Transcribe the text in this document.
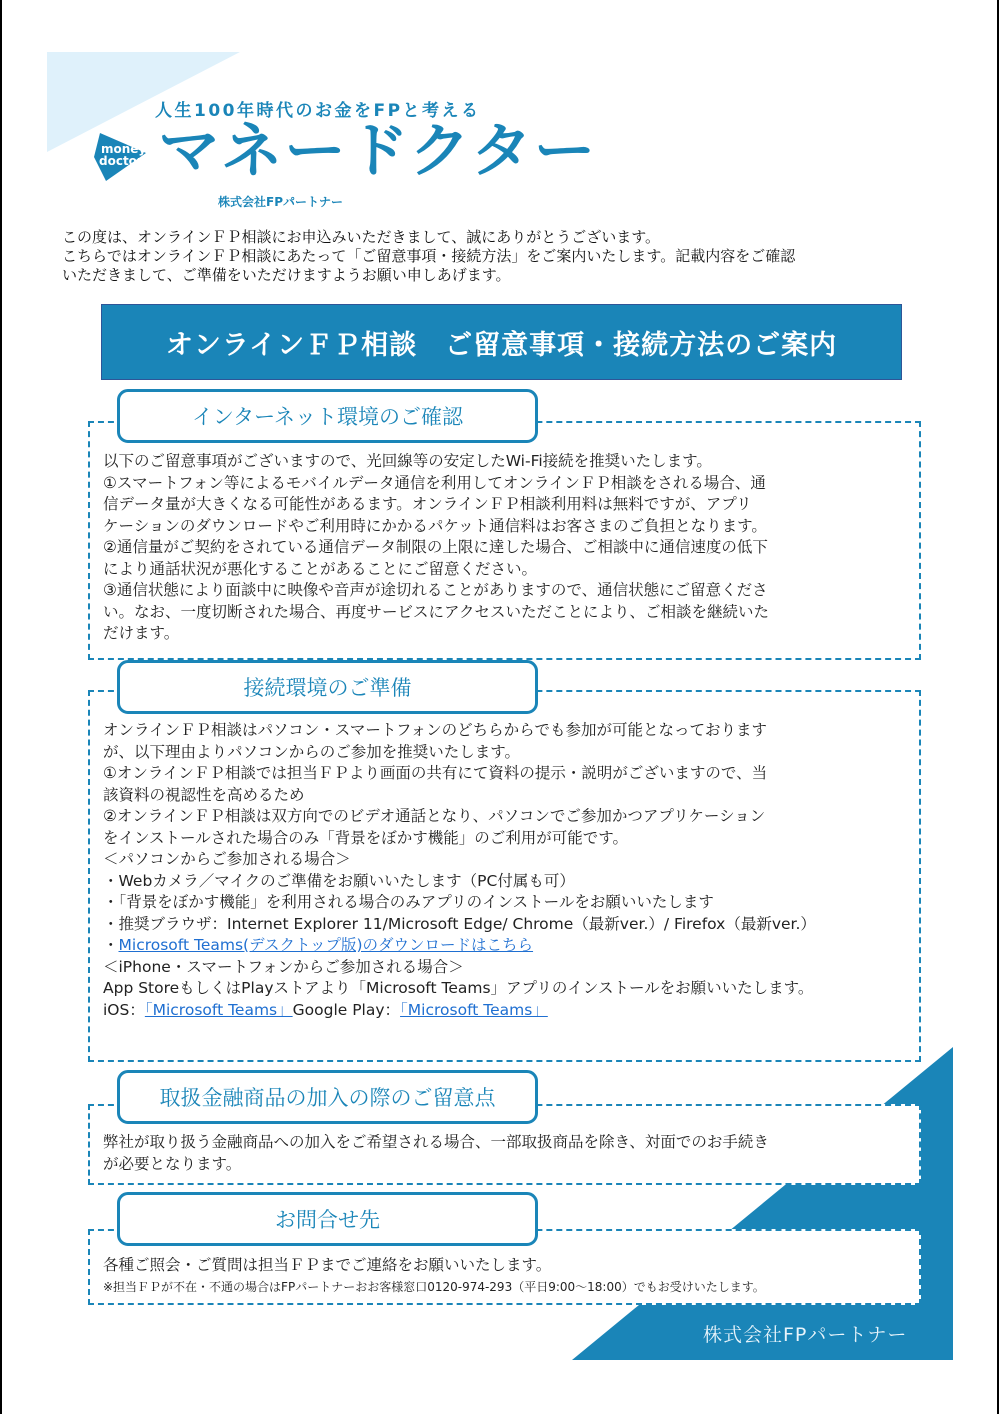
人生100年時代のお金をFPと考える
money
doctor マネードクター
株式会社FPパートナー

この度は、オンラインＦＰ相談にお申込みいただきまして、誠にありがとうございます。

こちらではオンラインＦＰ相談にあたって「ご留意事項・接続方法」をご案内いたします。記載内容をご確認

いただきまして、ご準備をいただけますようお願い申しあげます。

オンラインＦＰ相談　ご留意事項・接続方法のご案内
株式会社FPパートナー
インターネット環境のご確認

以下のご留意事項がございますので、光回線等の安定したWi-Fi接続を推奨いたします。

①スマートフォン等によるモバイルデータ通信を利用してオンラインＦＰ相談をされる場合、通

信データ量が大きくなる可能性があるます。オンラインＦＰ相談利用料は無料ですが、アプリ

ケーションのダウンロードやご利用時にかかるパケット通信料はお客さまのご負担となります。

②通信量がご契約をされている通信データ制限の上限に達した場合、ご相談中に通信速度の低下

により通話状況が悪化することがあることにご留意ください。

③通信状態により面談中に映像や音声が途切れることがありますので、通信状態にご留意くださ

い。なお、一度切断された場合、再度サービスにアクセスいただことにより、ご相談を継続いた

だけます。

接続環境のご準備

オンラインＦＰ相談はパソコン・スマートフォンのどちらからでも参加が可能となっております

が、以下理由よりパソコンからのご参加を推奨いたします。

①オンラインＦＰ相談では担当ＦＰより画面の共有にて資料の提示・説明がございますので、当

該資料の視認性を高めるため

②オンラインＦＰ相談は双方向でのビデオ通話となり、パソコンでご参加かつアプリケーション

をインストールされた場合のみ「背景をぼかす機能」のご利用が可能です。

＜パソコンからご参加される場合＞

・Webカメラ／マイクのご準備をお願いいたします（PC付属も可）

・「背景をぼかす機能」を利用される場合のみアプリのインストールをお願いいたします

・推奨ブラウザ：Internet Explorer 11/Microsoft Edge/ Chrome（最新ver.）/ Firefox（最新ver.）

・Microsoft Teams(デスクトップ版)のダウンロードはこちら

＜iPhone・スマートフォンからご参加される場合＞

App StoreもしくはPlayストアより「Microsoft Teams」アプリのインストールをお願いいたします。

iOS：「Microsoft Teams」Google Play：「Microsoft Teams」

取扱金融商品の加入の際のご留意点

弊社が取り扱う金融商品への加入をご希望される場合、一部取扱商品を除き、対面でのお手続き

が必要となります。

お問合せ先

各種ご照会・ご質問は担当ＦＰまでご連絡をお願いいたします。

※担当ＦＰが不在・不通の場合はFPパートナーおお客様窓口0120-974-293（平日9:00～18:00）でもお受けいたします。
